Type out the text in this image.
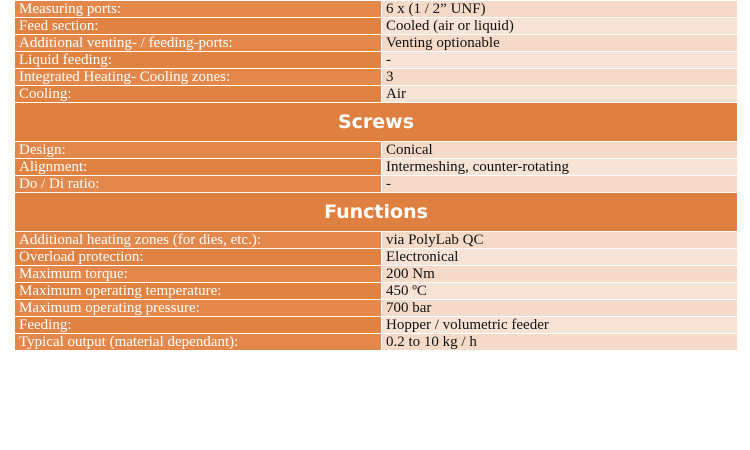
Measuring ports:	6 x (1 / 2” UNF)
Feed section:	Cooled (air or liquid)
Additional venting- / feeding-ports:	Venting optionable
Liquid feeding:	-
Integrated Heating- Cooling zones:	3
Cooling:	Air
Screws	
Design:	Conical
Alignment:	Intermeshing, counter-rotating
Do / Di ratio:	-
Functions	
Additional heating zones (for dies, etc.):	via PolyLab QC
Overload protection:	Electronical
Maximum torque:	200 Nm
Maximum operating temperature:	450 ºC
Maximum operating pressure:	700 bar
Feeding:	Hopper / volumetric feeder
Typical output (material dependant):	0.2 to 10 kg / h
